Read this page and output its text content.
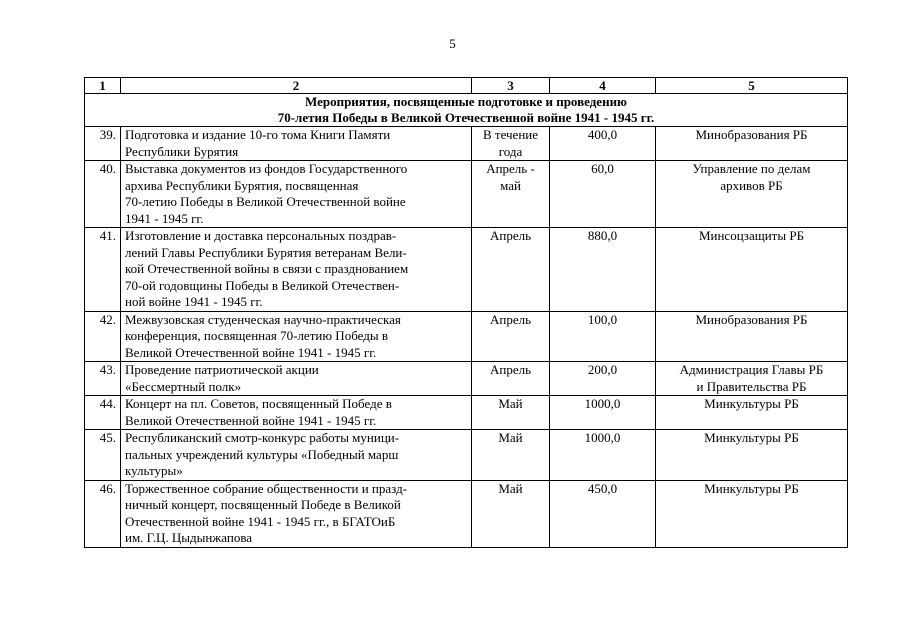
5
1	2	3	4	5

Мероприятия, посвященные подготовке и проведению
70-летия Победы в Великой Отечественной войне 1941 - 1945 гг.				

39.	Подготовка и издание 10-го тома Книги Памяти
Республики Бурятия	В течение
года	400,0	Минобразования РБ

40.	Выставка документов из фондов Государственного
архива Республики Бурятия, посвященная
70-летию Победы в Великой Отечественной войне
1941 - 1945 гг.	Апрель -
май	60,0	Управление по делам
архивов РБ

41.	Изготовление и доставка персональных поздрав-
лений Главы Республики Бурятия ветеранам Вели-
кой Отечественной войны в связи с празднованием
70-ой годовщины Победы в Великой Отечествен-
ной войне 1941 - 1945 гг.	Апрель	880,0	Минсоцзащиты РБ

42.	Межвузовская студенческая научно-практическая
конференция, посвященная 70-летию Победы в
Великой Отечественной войне 1941 - 1945 гг.	Апрель	100,0	Минобразования РБ

43.	Проведение патриотической акции
«Бессмертный полк»	Апрель	200,0	Администрация Главы РБ
и Правительства РБ

44.	Концерт на пл. Советов, посвященный Победе в
Великой Отечественной войне 1941 - 1945 гг.	Май	1000,0	Минкультуры РБ

45.	Республиканский смотр-конкурс работы муници-
пальных учреждений культуры «Победный марш
культуры»	Май	1000,0	Минкультуры РБ

46.	Торжественное собрание общественности и празд-
ничный концерт, посвященный Победе в Великой
Отечественной войне 1941 - 1945 гг., в БГАТОиБ
им. Г.Ц. Цыдынжапова	Май	450,0	Минкультуры РБ
